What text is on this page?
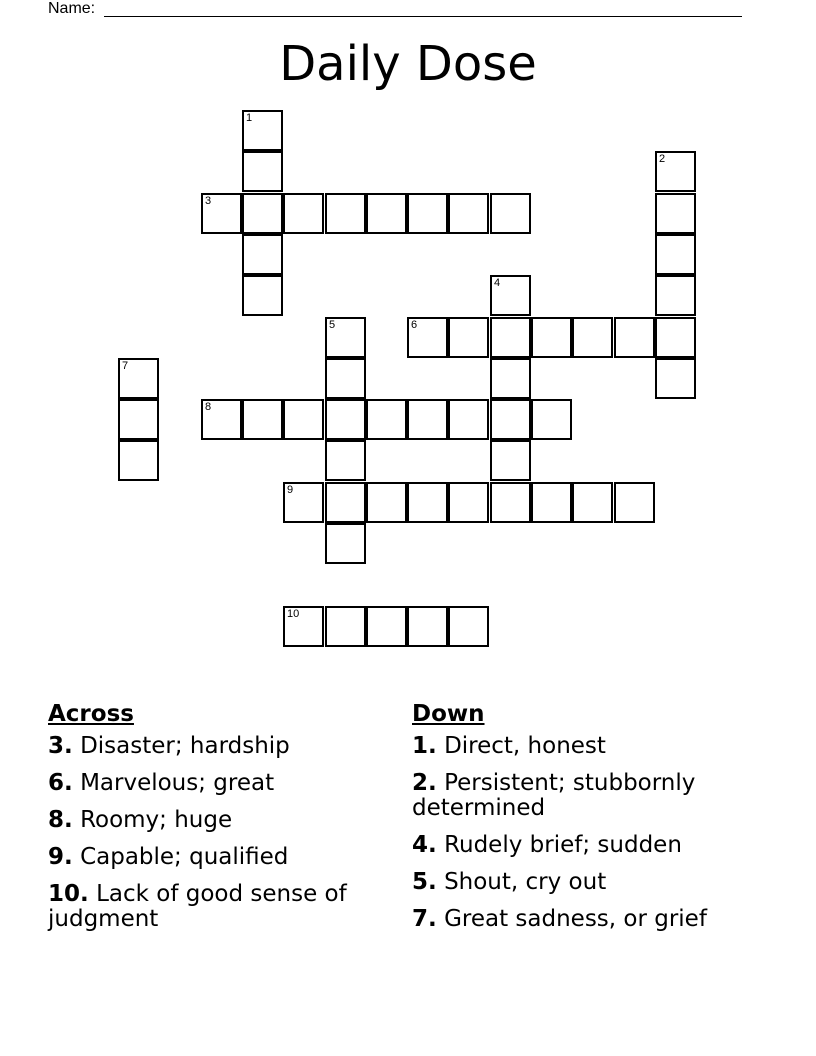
Name:
Daily Dose
1
3
2
4
5	6
7
8
9
10
Across
3. Disaster; hardship
6. Marvelous; great
8. Roomy; huge
9. Capable; qualified
10. Lack of good sense of judgment
Down
1. Direct, honest
2. Persistent; stubbornly determined
4. Rudely brief; sudden
5. Shout, cry out
7. Great sadness, or grief
